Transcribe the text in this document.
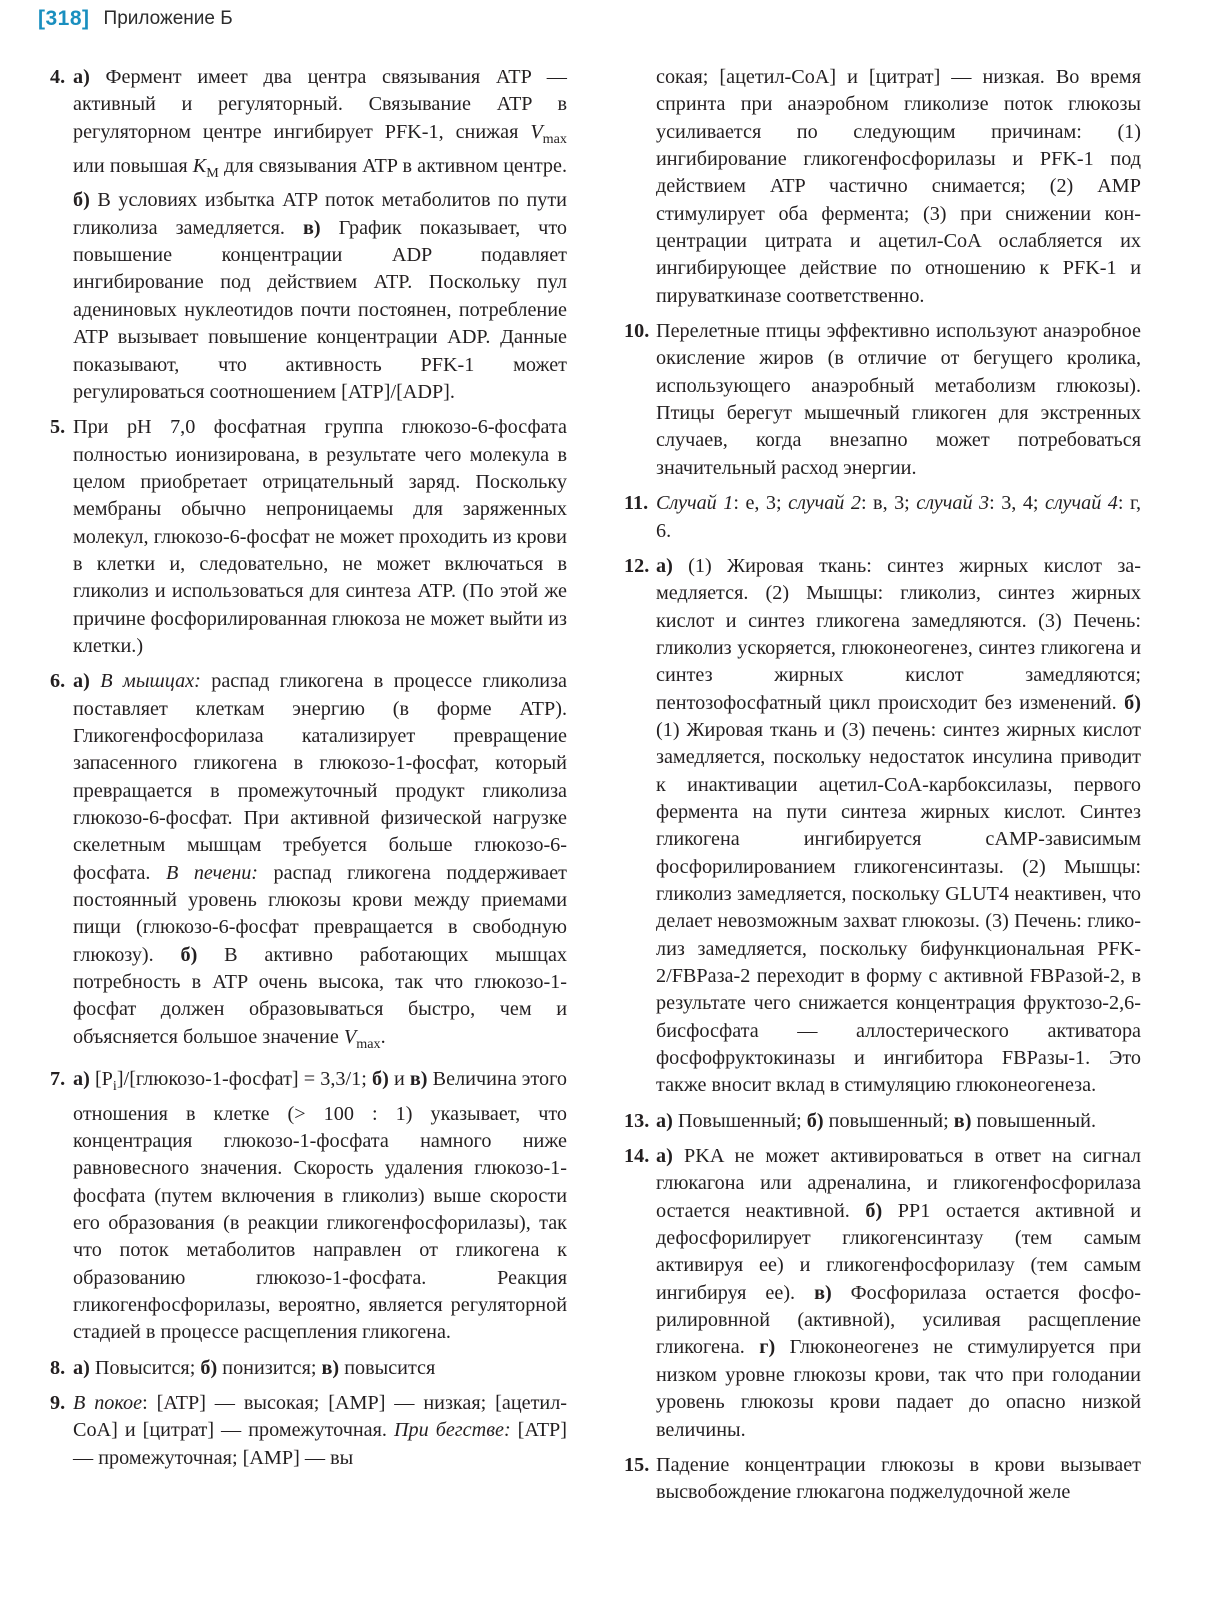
[318] Приложение Б
4. а) Фермент имеет два центра связывания ATP — активный и регуляторный. Связывание ATP в регуляторном центре ингибирует PFK-1, снижая $V_{max}$ или повышая $K_M$ для связывания ATP в активном центре. б) В условиях избытка ATP поток метаболитов по пути гликолиза замедляется. в) График показывает, что повышение концентрации ADP подавляет ингибирование под действием ATP. Поскольку пул адениновых нуклеотидов почти постоянен, потребление ATP вызывает повышение концентрации ADP. Данные показывают, что активность PFK-1 может регулироваться соотношением [ATP]/[ADP].

5. При pH 7,0 фосфатная группа глюкозо-6-фосфата полностью ионизирована, в результате чего молекула в целом приобретает отрицательный заряд. Поскольку мембраны обычно непроницаемы для заряженных молекул, глюкозо-6-фосфат не может проходить из крови в клетки и, следовательно, не может включаться в гликолиз и использоваться для синтеза ATP. (По этой же причине фосфорилированная глюкоза не может выйти из клетки.)

6. а) В мышцах: распад гликогена в процессе гликолиза поставляет клеткам энергию (в форме ATP). Гликогенфосфорилаза катализирует превращение запасенного гликогена в глюкозо-1-фосфат, который превращается в промежуточный продукт гликолиза глюкозо-6-фосфат. При активной физической нагрузке скелетным мышцам требуется больше глюкозо-6-фосфата. В печени: распад гликогена поддерживает постоянный уровень глюкозы крови между приемами пищи (глюкозо-6-фосфат превращается в свободную глюкозу). б) В активно работающих мышцах потребность в ATP очень высока, так что глюкозо-1-фосфат должен образовываться быстро, чем и объясняется большое значение $V_{max}$.

7. а) $[P_i]/[глюкозо-1-фосфат] = 3,3/1$; б) и в) Величина этого отношения в клетке (> 100 : 1) указывает, что концентрация глюкозо-1-фосфата намного ниже равновесного значения. Скорость удаления глюкозо-1-фосфата (путем включения в гликолиз) выше скорости его образования (в реакции гликогенфосфорилазы), так что поток метаболитов направлен от гликогена к образованию глюкозо-1-фосфата. Реакция гликогенфосфорилазы, вероятно, является регуляторной стадией в процессе расщепления гликогена.

8. а) Повысится; б) понизится; в) повысится

9. В покое: [ATP] — высокая; [AMP] — низкая; [ацетил-CoA] и [цитрат] — промежуточная. При бегстве: [ATP] — промежуточная; [AMP] — вы

сокая; [ацетил-CoA] и [цитрат] — низкая. Во время спринта при анаэробном гликолизе поток глюкозы усиливается по следующим причинам: (1) ингибирование гликогенфосфорилазы и PFK-1 под действием ATP частично снимается; (2) AMP стимулирует оба фермента; (3) при снижении концентрации цитрата и ацетил-CoA ослабляется их ингибирующее действие по отношению к PFK-1 и пируваткиназе соответственно.

10. Перелетные птицы эффективно используют анаэробное окисление жиров (в отличие от бегущего кролика, использующего анаэробный метаболизм глюкозы). Птицы берегут мышечный гликоген для экстренных случаев, когда внезапно может потребоваться значительный расход энергии.

11. Случай 1: е, 3; случай 2: в, 3; случай 3: 3, 4; случай 4: г, 6.

12. а) (1) Жировая ткань: синтез жирных кислот замедляется. (2) Мышцы: гликолиз, синтез жирных кислот и синтез гликогена замедляются. (3) Печень: гликолиз ускоряется, глюконеогенез, синтез гликогена и синтез жирных кислот замедляются; пентозофосфатный цикл происходит без изменений. б) (1) Жировая ткань и (3) печень: синтез жирных кислот замедляется, поскольку недостаток инсулина приводит к инактивации ацетил-CoA-карбоксилазы, первого фермента на пути синтеза жирных кислот. Синтез гликогена ингибируется cAMP-зависимым фосфорилированием гликогенсинтазы. (2) Мышцы: гликолиз замедляется, поскольку GLUT4 неактивен, что делает невозможным захват глюкозы. (3) Печень: гликолиз замедляется, поскольку бифункциональная PFK-2/FBPаза-2 переходит в форму с активной FBPазой-2, в результате чего снижается концентрация фруктозо-2,6-бисфосфата — аллостерического активатора фосфофруктокиназы и ингибитора FBPазы-1. Это также вносит вклад в стимуляцию глюконеогенеза.

13. а) Повышенный; б) повышенный; в) повышенный.

14. а) PKA не может активироваться в ответ на сигнал глюкагона или адреналина, и гликогенфосфорилаза остается неактивной. б) PP1 остается активной и дефосфорилирует гликогенсинтазу (тем самым активируя ее) и гликогенфосфорилазу (тем самым ингибируя ее). в) Фосфорилаза остается фосфорилировнной (активной), усиливая расщепление гликогена. г) Глюконеогенез не стимулируется при низком уровне глюкозы крови, так что при голодании уровень глюкозы крови падает до опасно низкой величины.

15. Падение концентрации глюкозы в крови вызывает высвобождение глюкагона поджелудочной желе
